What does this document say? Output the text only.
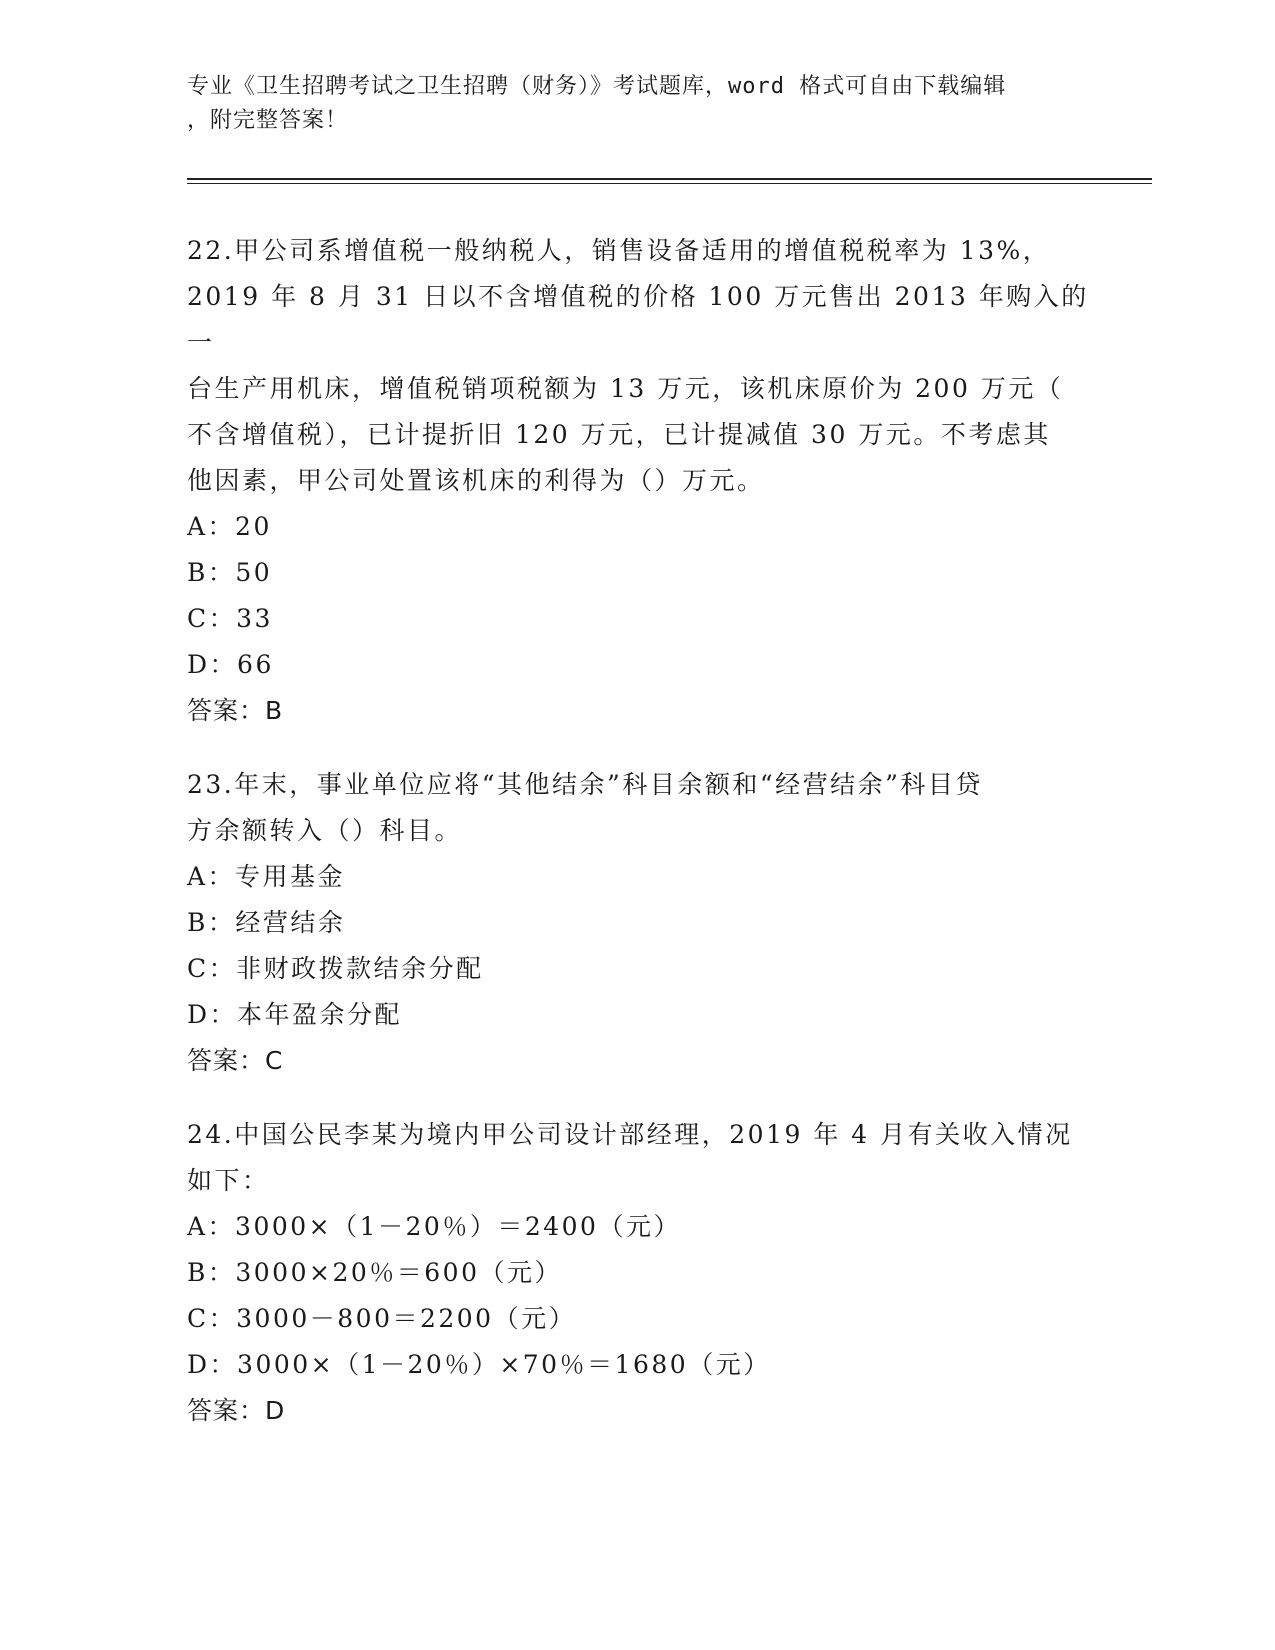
专业《卫生招聘考试之卫生招聘（财务）》考试题库，word 格式可自由下载编辑
，附完整答案！
22.甲公司系增值税一般纳税人，销售设备适用的增值税税率为 13%，
2019 年 8 月 31 日以不含增值税的价格 100 万元售出 2013 年购入的一
台生产用机床，增值税销项税额为 13 万元，该机床原价为 200 万元（
不含增值税），已计提折旧 120 万元，已计提减值 30 万元。不考虑其
他因素，甲公司处置该机床的利得为（）万元。
A：20
B：50
C：33
D：66
答案：B
23.年末，事业单位应将“其他结余”科目余额和“经营结余”科目贷
方余额转入（）科目。
A：专用基金
B：经营结余
C：非财政拨款结余分配
D：本年盈余分配
答案：C
24.中国公民李某为境内甲公司设计部经理，2019 年 4 月有关收入情况
如下：
A：3000×（1－20％）＝2400（元）
B：3000×20％＝600（元）
C：3000－800＝2200（元）
D：3000×（1－20％）×70％＝1680（元）
答案：D
